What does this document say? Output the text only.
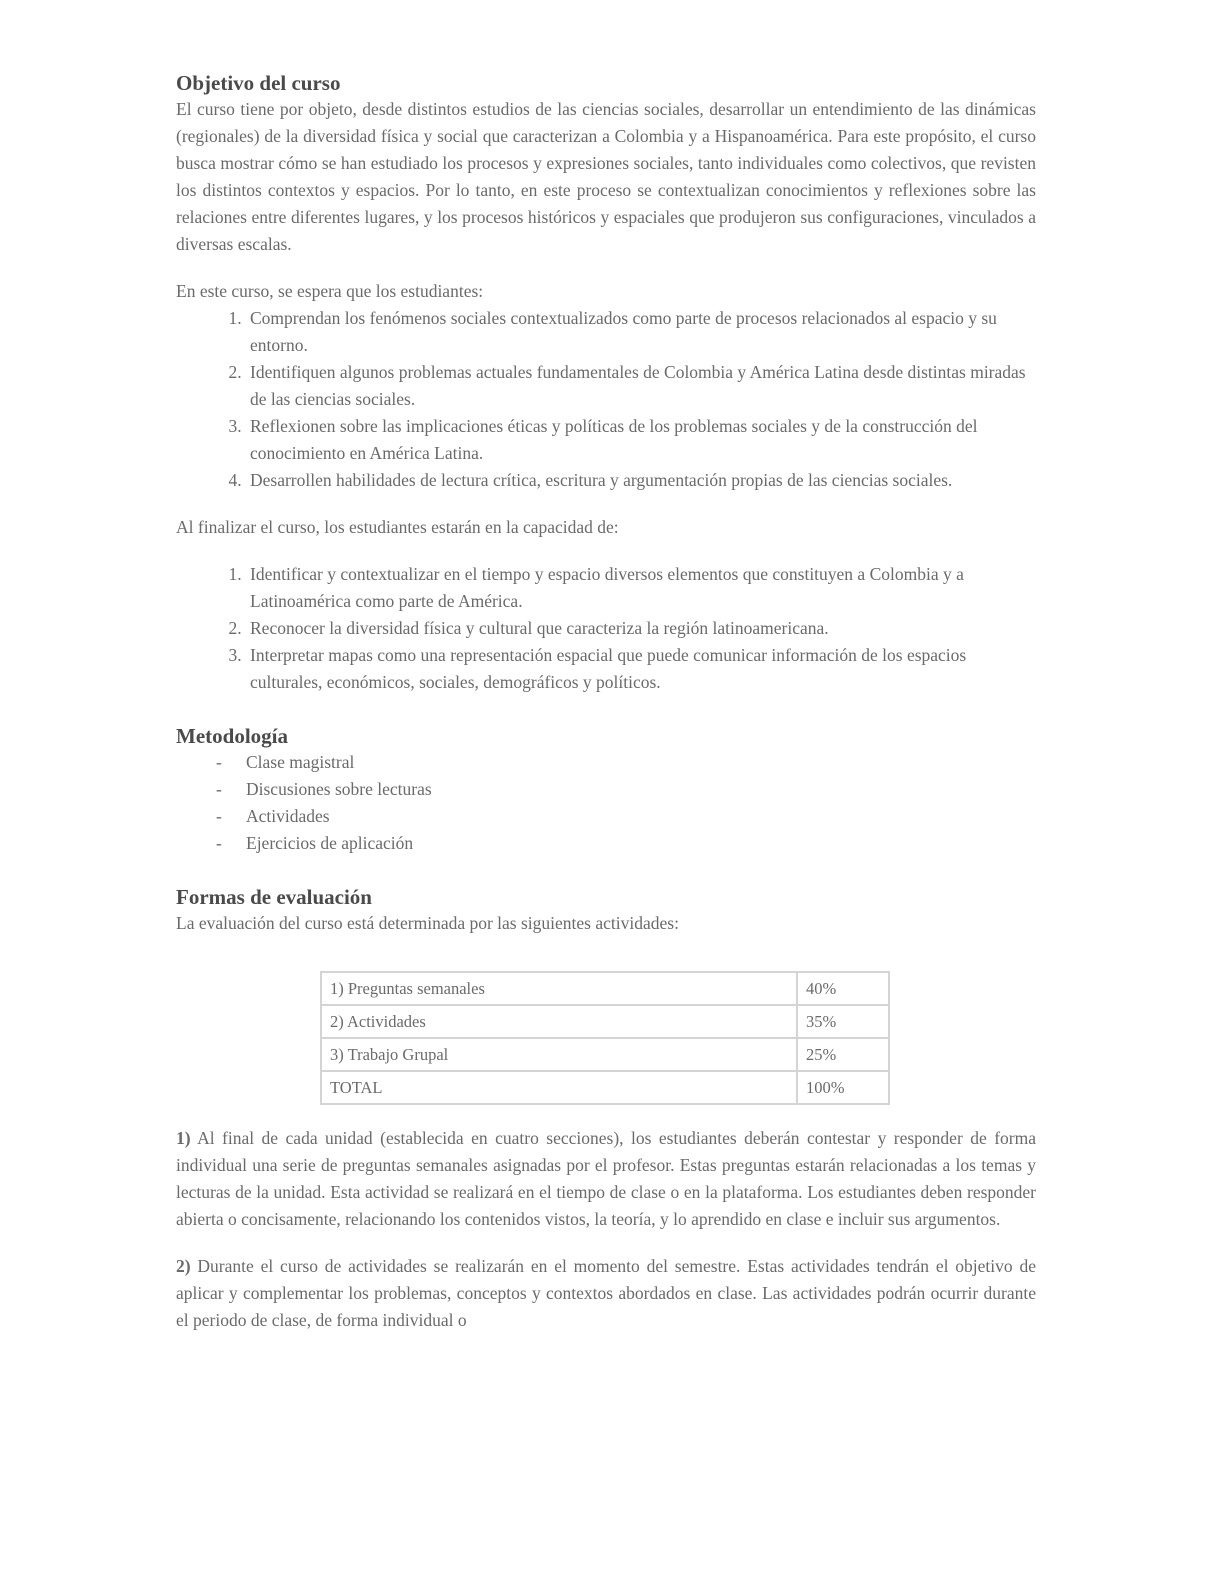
Objetivo del curso

El curso tiene por objeto, desde distintos estudios de las ciencias sociales, desarrollar un entendimiento de las dinámicas (regionales) de la diversidad física y social que caracterizan a Colombia y a Hispanoamérica. Para este propósito, el curso busca mostrar cómo se han estudiado los procesos y expresiones sociales, tanto individuales como colectivos, que revisten los distintos contextos y espacios. Por lo tanto, en este proceso se contextualizan conocimientos y reflexiones sobre las relaciones entre diferentes lugares, y los procesos históricos y espaciales que produjeron sus configuraciones, vinculados a diversas escalas.

En este curso, se espera que los estudiantes:

1. Comprendan los fenómenos sociales contextualizados como parte de procesos relacionados al espacio y su entorno.
2. Identifiquen algunos problemas actuales fundamentales de Colombia y América Latina desde distintas miradas de las ciencias sociales.
3. Reflexionen sobre las implicaciones éticas y políticas de los problemas sociales y de la construcción del conocimiento en América Latina.
4. Desarrollen habilidades de lectura crítica, escritura y argumentación propias de las ciencias sociales.

Al finalizar el curso, los estudiantes estarán en la capacidad de:

1. Identificar y contextualizar en el tiempo y espacio diversos elementos que constituyen a Colombia y a Latinoamérica como parte de América.
2. Reconocer la diversidad física y cultural que caracteriza la región latinoamericana.
3. Interpretar mapas como una representación espacial que puede comunicar información de los espacios culturales, económicos, sociales, demográficos y políticos.
Metodología
- Clase magistral
- Discusiones sobre lecturas
- Actividades
- Ejercicios de aplicación
Formas de evaluación

La evaluación del curso está determinada por las siguientes actividades:

1) Preguntas semanales	40%
2) Actividades	35%
3) Trabajo Grupal	25%
TOTAL	100%

1) Al final de cada unidad (establecida en cuatro secciones), los estudiantes deberán contestar y responder de forma individual una serie de preguntas semanales asignadas por el profesor. Estas preguntas estarán relacionadas a los temas y lecturas de la unidad. Esta actividad se realizará en el tiempo de clase o en la plataforma. Los estudiantes deben responder abierta o concisamente, relacionando los contenidos vistos, la teoría, y lo aprendido en clase e incluir sus argumentos.

2) Durante el curso de actividades se realizarán en el momento del semestre. Estas actividades tendrán el objetivo de aplicar y complementar los problemas, conceptos y contextos abordados en clase. Las actividades podrán ocurrir durante el periodo de clase, de forma individual o
